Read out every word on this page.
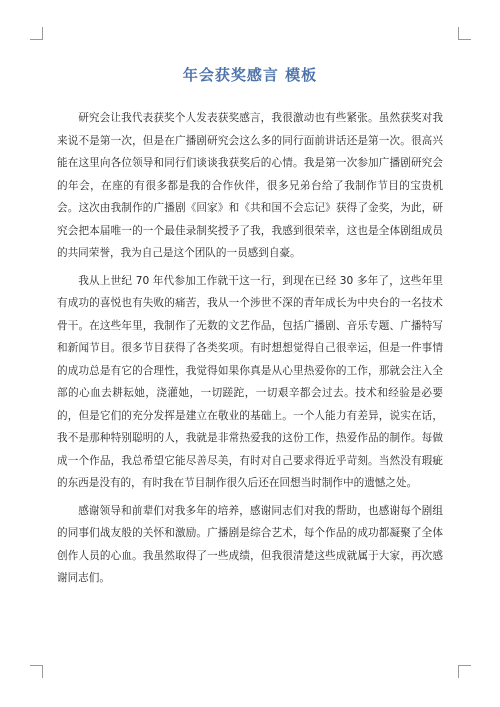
年会获奖感言 模板

研究会让我代表获奖个人发表获奖感言，我很激动也有些紧张。虽然获奖对我来说不是第一次，但是在广播剧研究会这么多的同行面前讲话还是第一次。很高兴能在这里向各位领导和同行们谈谈我获奖后的心情。我是第一次参加广播剧研究会的年会，在座的有很多都是我的合作伙伴，很多兄弟台给了我制作节目的宝贵机会。这次由我制作的广播剧《回家》和《共和国不会忘记》获得了金奖，为此，研究会把本届唯一的一个最佳录制奖授予了我，我感到很荣幸，这也是全体剧组成员的共同荣誉，我为自己是这个团队的一员感到自豪。

我从上世纪 70 年代参加工作就干这一行，到现在已经 30 多年了，这些年里有成功的喜悦也有失败的痛苦，我从一个涉世不深的青年成长为中央台的一名技术骨干。在这些年里，我制作了无数的文艺作品，包括广播剧、音乐专题、广播特写和新闻节目。很多节目获得了各类奖项。有时想想觉得自己很幸运，但是一件事情的成功总是有它的合理性，我觉得如果你真是从心里热爱你的工作，那就会注入全部的心血去耕耘她，浇灌她，一切蹉跎，一切艰辛都会过去。技术和经验是必要的，但是它们的充分发挥是建立在敬业的基础上。一个人能力有差异，说实在话，我不是那种特别聪明的人，我就是非常热爱我的这份工作，热爱作品的制作。每做成一个作品，我总希望它能尽善尽美，有时对自己要求得近乎苛刻。当然没有瑕疵的东西是没有的，有时我在节目制作很久后还在回想当时制作中的遗憾之处。

感谢领导和前辈们对我多年的培养，感谢同志们对我的帮助，也感谢每个剧组的同事们战友般的关怀和激励。广播剧是综合艺术，每个作品的成功都凝聚了全体创作人员的心血。我虽然取得了一些成绩，但我很清楚这些成就属于大家，再次感谢同志们。
